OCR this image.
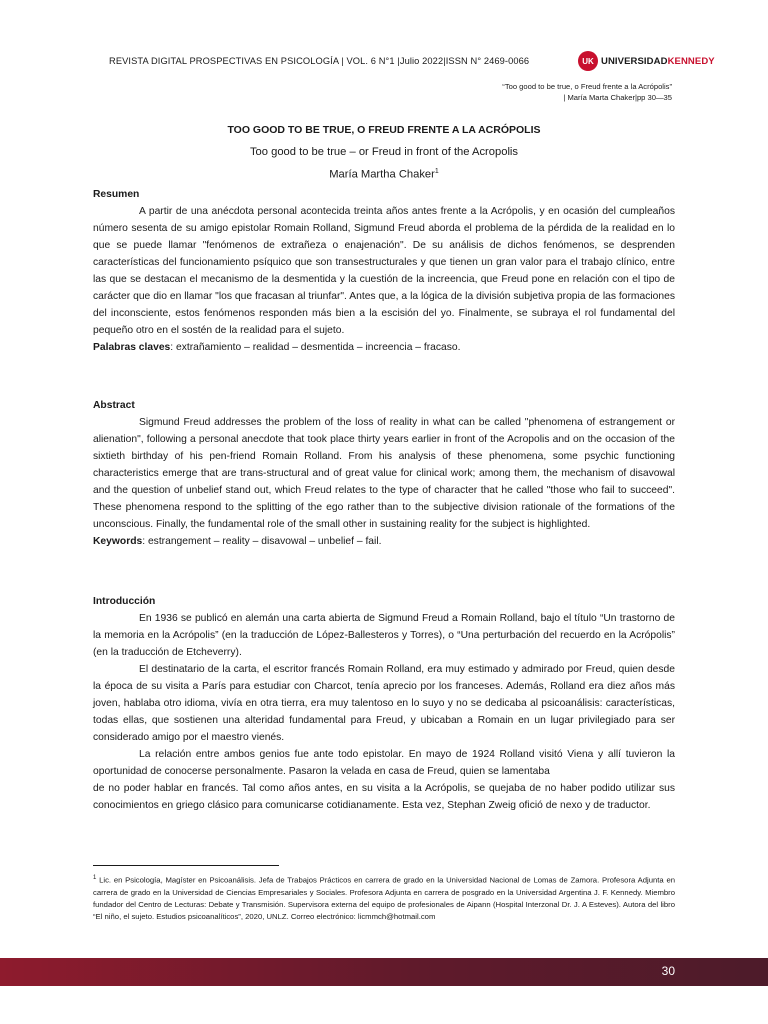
REVISTA DIGITAL PROSPECTIVAS EN PSICOLOGÍA | VOL. 6 N°1 |Julio 2022|ISSN N° 2469-0066	UK UNIVERSIDADKENNEDY
“Too good to be true, o Freud frente a la Acrópolis”
| María Marta Chaker|pp 30—35
TOO GOOD TO BE TRUE, O FREUD FRENTE A LA ACRÓPOLIS
Too good to be true – or Freud in front of the Acropolis
María Martha Chaker$^1$

Resumen

A partir de una anécdota personal acontecida treinta años antes frente a la Acrópolis, y en ocasión del cumpleaños número sesenta de su amigo epistolar Romain Rolland, Sigmund Freud aborda el problema de la pérdida de la realidad en lo que se puede llamar "fenómenos de extrañeza o enajenación". De su análisis de dichos fenómenos, se desprenden características del funcionamiento psíquico que son transestructurales y que tienen un gran valor para el trabajo clínico, entre las que se destacan el mecanismo de la desmentida y la cuestión de la increencia, que Freud pone en relación con el tipo de carácter que dio en llamar "los que fracasan al triunfar". Antes que, a la lógica de la división subjetiva propia de las formaciones del inconsciente, estos fenómenos responden más bien a la escisión del yo. Finalmente, se subraya el rol fundamental del pequeño otro en el sostén de la realidad para el sujeto.

Palabras claves: extrañamiento – realidad – desmentida – increencia – fracaso.

Abstract

Sigmund Freud addresses the problem of the loss of reality in what can be called "phenomena of estrangement or alienation", following a personal anecdote that took place thirty years earlier in front of the Acropolis and on the occasion of the sixtieth birthday of his pen-friend Romain Rolland. From his analysis of these phenomena, some psychic functioning characteristics emerge that are trans-structural and of great value for clinical work; among them, the mechanism of disavowal and the question of unbelief stand out, which Freud relates to the type of character that he called "those who fail to succeed". These phenomena respond to the splitting of the ego rather than to the subjective division rationale of the formations of the unconscious. Finally, the fundamental role of the small other in sustaining reality for the subject is highlighted.

Keywords: estrangement – reality – disavowal – unbelief – fail.

Introducción

En 1936 se publicó en alemán una carta abierta de Sigmund Freud a Romain Rolland, bajo el título “Un trastorno de la memoria en la Acrópolis” (en la traducción de López-Ballesteros y Torres), o “Una perturbación del recuerdo en la Acrópolis” (en la traducción de Etcheverry).

El destinatario de la carta, el escritor francés Romain Rolland, era muy estimado y admirado por Freud, quien desde la época de su visita a París para estudiar con Charcot, tenía aprecio por los franceses. Además, Rolland era diez años más joven, hablaba otro idioma, vivía en otra tierra, era muy talentoso en lo suyo y no se dedicaba al psicoanálisis: características, todas ellas, que sostienen una alteridad fundamental para Freud, y ubicaban a Romain en un lugar privilegiado para ser considerado amigo por el maestro vienés.

La relación entre ambos genios fue ante todo epistolar. En mayo de 1924 Rolland visitó Viena y allí tuvieron la oportunidad de conocerse personalmente. Pasaron la velada en casa de Freud, quien se lamentaba

de no poder hablar en francés. Tal como años antes, en su visita a la Acrópolis, se quejaba de no haber podido utilizar sus conocimientos en griego clásico para comunicarse cotidianamente. Esta vez, Stephan Zweig ofició de nexo y de traductor.

$^1$ Lic. en Psicología, Magíster en Psicoanálisis. Jefa de Trabajos Prácticos en carrera de grado en la Universidad Nacional de Lomas de Zamora. Profesora Adjunta en carrera de grado en la Universidad de Ciencias Empresariales y Sociales. Profesora Adjunta en carrera de posgrado en la Universidad Argentina J. F. Kennedy. Miembro fundador del Centro de Lecturas: Debate y Transmisión. Supervisora externa del equipo de profesionales de Aipann (Hospital Interzonal Dr. J. A Esteves). Autora del libro “El niño, el sujeto. Estudios psicoanalíticos”, 2020, UNLZ. Correo electrónico: licmmch@hotmail.com
30
